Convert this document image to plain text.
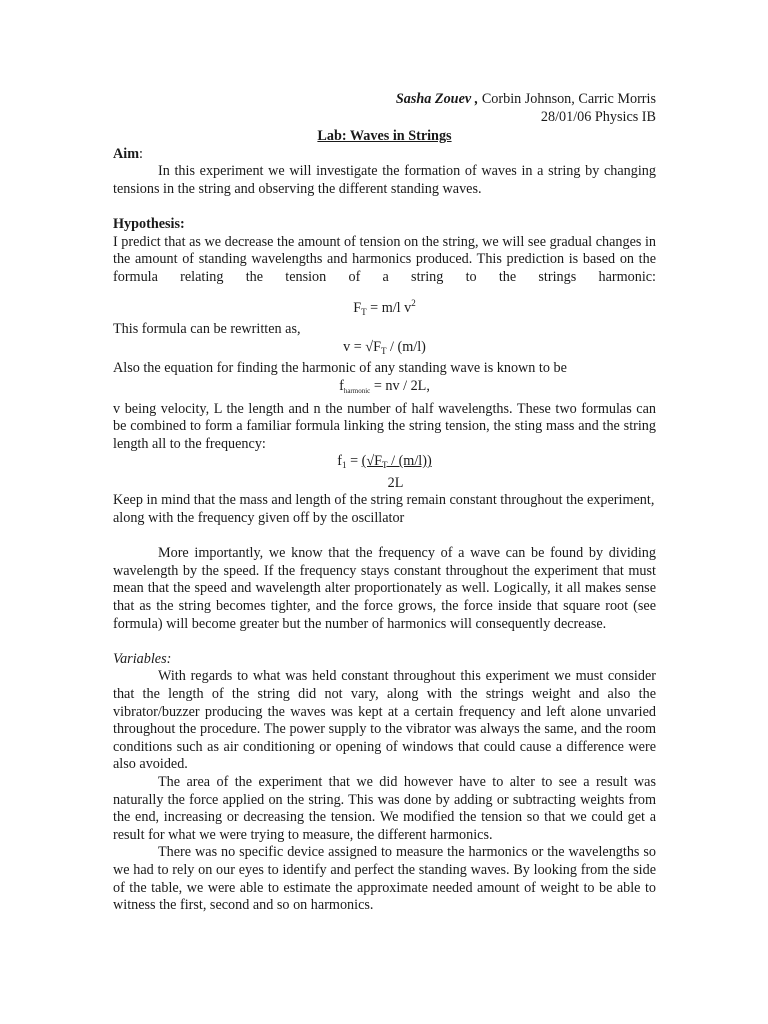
Sasha Zouev , Corbin Johnson, Carric Morris
28/01/06 Physics IB
Lab: Waves in Strings
Aim:
In this experiment we will investigate the formation of waves in a string by changing tensions in the string and observing the different standing waves.
Hypothesis:
I predict that as we decrease the amount of tension on the string, we will see gradual changes in the amount of standing wavelengths and harmonics produced. This prediction is based on the formula relating the tension of a string to the strings harmonic:
$F_T = m/l$ $v^2$
This formula can be rewritten as,
$v = √F_T / (m/l)$
Also the equation for finding the harmonic of any standing wave is known to be
$f_{harmonic}$ = nv / 2L,
v being velocity, L the length and n the number of half wavelengths. These two formulas can be combined to form a familiar formula linking the string tension, the sting mass and the string length all to the frequency:
$f_1 = (√F_T / (m/l))$
2L
Keep in mind that the mass and length of the string remain constant throughout the experiment, along with the frequency given off by the oscillator
More importantly, we know that the frequency of a wave can be found by dividing wavelength by the speed. If the frequency stays constant throughout the experiment that must mean that the speed and wavelength alter proportionately as well. Logically, it all makes sense that as the string becomes tighter, and the force grows, the force inside that square root (see formula) will become greater but the number of harmonics will consequently decrease.
Variables:
With regards to what was held constant throughout this experiment we must consider that the length of the string did not vary, along with the strings weight and also the vibrator/buzzer producing the waves was kept at a certain frequency and left alone unvaried throughout the procedure. The power supply to the vibrator was always the same, and the room conditions such as air conditioning or opening of windows that could cause a difference were also avoided.
The area of the experiment that we did however have to alter to see a result was naturally the force applied on the string. This was done by adding or subtracting weights from the end, increasing or decreasing the tension. We modified the tension so that we could get a result for what we were trying to measure, the different harmonics.
There was no specific device assigned to measure the harmonics or the wavelengths so we had to rely on our eyes to identify and perfect the standing waves. By looking from the side of the table, we were able to estimate the approximate needed amount of weight to be able to witness the first, second and so on harmonics.
